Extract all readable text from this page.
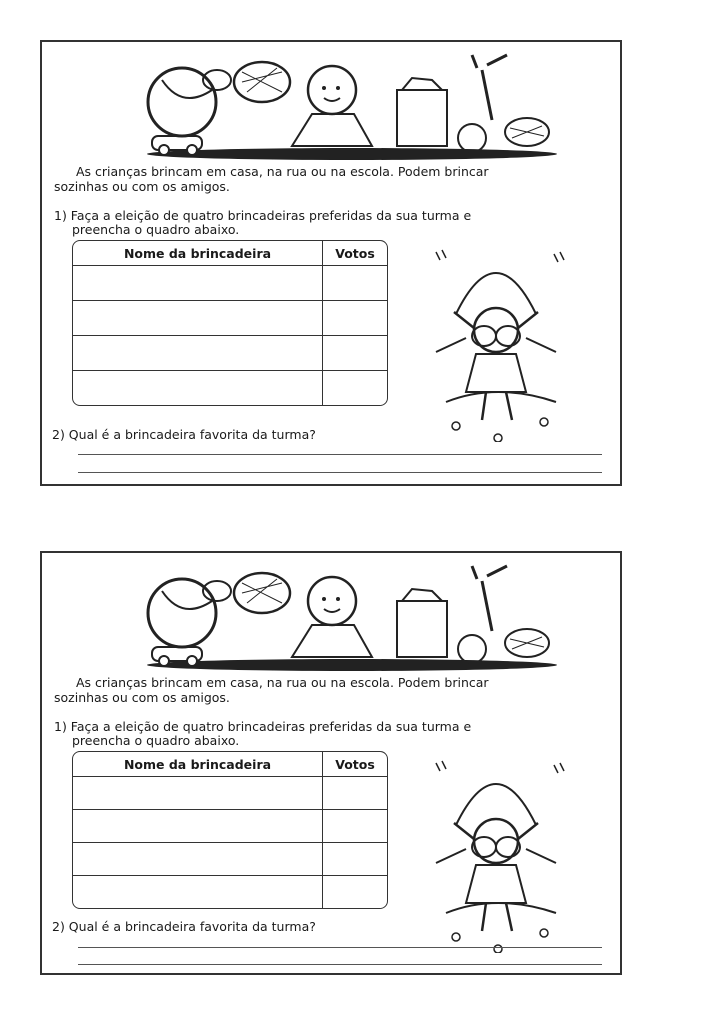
As crianças brincam em casa, na rua ou na escola. Podem brincar
sozinhas ou com os amigos.
1) Faça a eleição de quatro brincadeiras preferidas da sua turma e
preencha o quadro abaixo.
Nome da brincadeira	Votos

2) Qual é a brincadeira favorita da turma?
As crianças brincam em casa, na rua ou na escola. Podem brincar
sozinhas ou com os amigos.
1) Faça a eleição de quatro brincadeiras preferidas da sua turma e
preencha o quadro abaixo.
Nome da brincadeira	Votos

2) Qual é a brincadeira favorita da turma?
